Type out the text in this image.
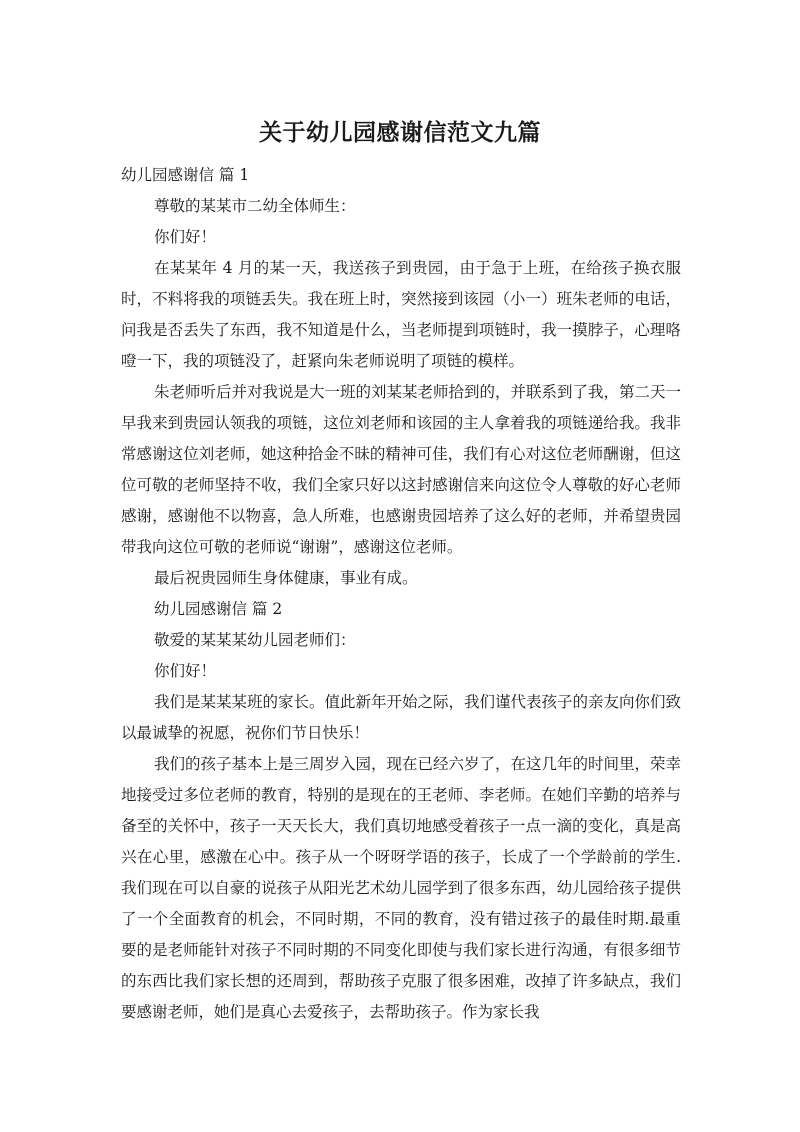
关于幼儿园感谢信范文九篇

幼儿园感谢信 篇 1

尊敬的某某市二幼全体师生：

你们好！

在某某年 4 月的某一天，我送孩子到贵园，由于急于上班，在给孩子换衣服时，不料将我的项链丢失。我在班上时，突然接到该园（小一）班朱老师的电话，问我是否丢失了东西，我不知道是什么，当老师提到项链时，我一摸脖子，心理咯噔一下，我的项链没了，赶紧向朱老师说明了项链的模样。

朱老师听后并对我说是大一班的刘某某老师拾到的，并联系到了我，第二天一早我来到贵园认领我的项链，这位刘老师和该园的主人拿着我的项链递给我。我非常感谢这位刘老师，她这种拾金不昧的精神可佳，我们有心对这位老师酬谢，但这位可敬的老师坚持不收，我们全家只好以这封感谢信来向这位令人尊敬的好心老师感谢，感谢他不以物喜，急人所难，也感谢贵园培养了这么好的老师，并希望贵园带我向这位可敬的老师说“谢谢”，感谢这位老师。

最后祝贵园师生身体健康，事业有成。

幼儿园感谢信 篇 2

敬爱的某某某幼儿园老师们：

你们好！

我们是某某某班的家长。值此新年开始之际，我们谨代表孩子的亲友向你们致以最诚挚的祝愿，祝你们节日快乐！

我们的孩子基本上是三周岁入园，现在已经六岁了，在这几年的时间里，荣幸地接受过多位老师的教育，特别的是现在的王老师、李老师。在她们辛勤的培养与备至的关怀中，孩子一天天长大，我们真切地感受着孩子一点一滴的变化，真是高兴在心里，感激在心中。孩子从一个呀呀学语的孩子，长成了一个学龄前的学生.我们现在可以自豪的说孩子从阳光艺术幼儿园学到了很多东西，幼儿园给孩子提供了一个全面教育的机会，不同时期，不同的教育，没有错过孩子的最佳时期.最重要的是老师能针对孩子不同时期的不同变化即使与我们家长进行沟通，有很多细节的东西比我们家长想的还周到，帮助孩子克服了很多困难，改掉了许多缺点，我们要感谢老师，她们是真心去爱孩子，去帮助孩子。作为家长我
